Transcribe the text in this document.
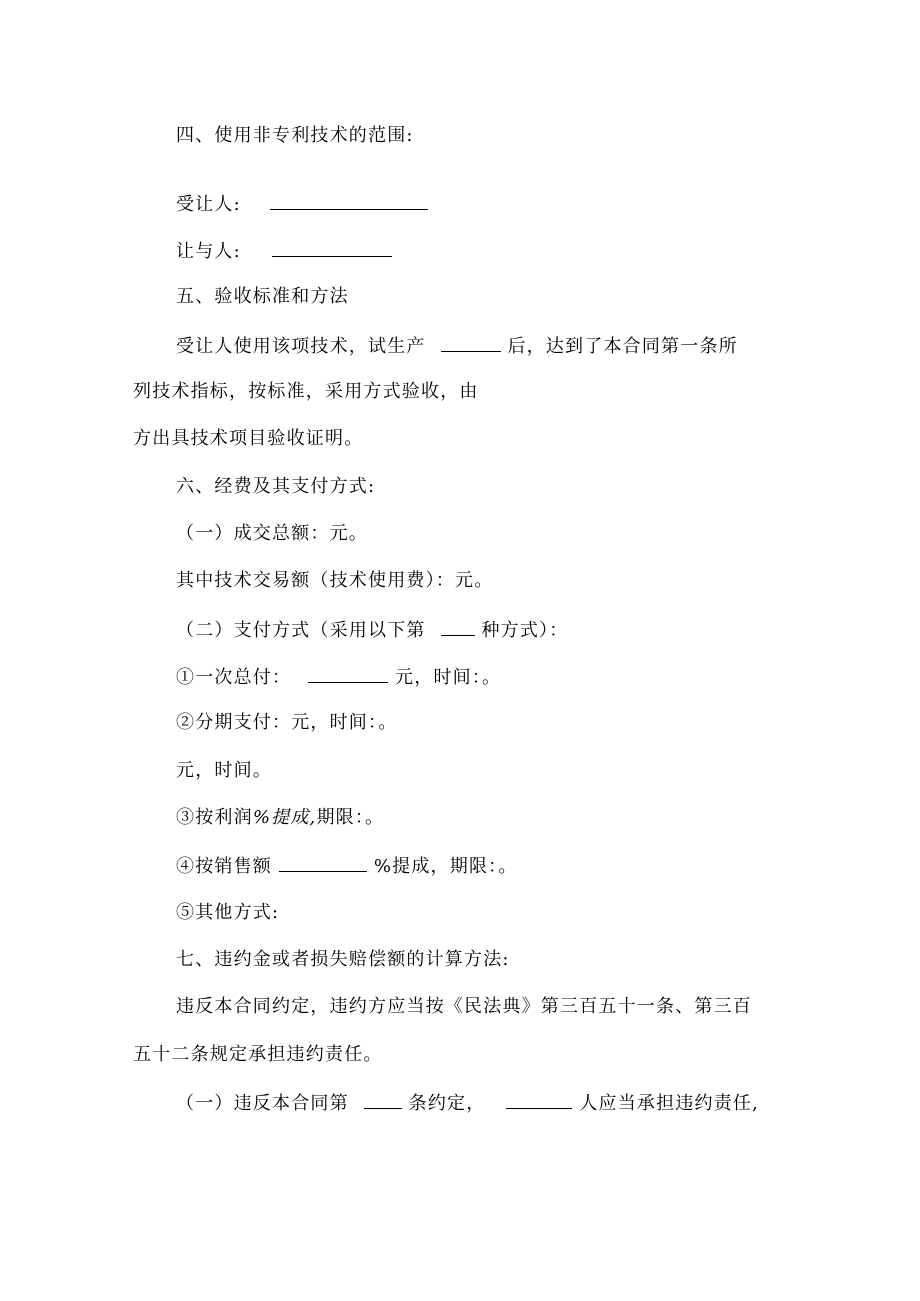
四、使用非专利技术的范围:
受让人:
让与人:
五、验收标准和方法
受让人使用该项技术，试生产	后，达到了本合同第一条所
列技术指标，按标准，采用方式验收，由
方出具技术项目验收证明。
六、经费及其支付方式:
（一）成交总额：元。
其中技术交易额（技术使用费）：元。
（二）支付方式（采用以下第	种方式）：
①一次总付：	元，时间：。
②分期支付：元，时间：。
元，时间。
③按利润%提成,期限：。
④按销售额	%提成，期限：。
⑤其他方式:
七、违约金或者损失赔偿额的计算方法:
违反本合同约定，违约方应当按《民法典》第三百五十一条、第三百
五十二条规定承担违约责任。
（一）违反本合同第	条约定，	人应当承担违约责任,
